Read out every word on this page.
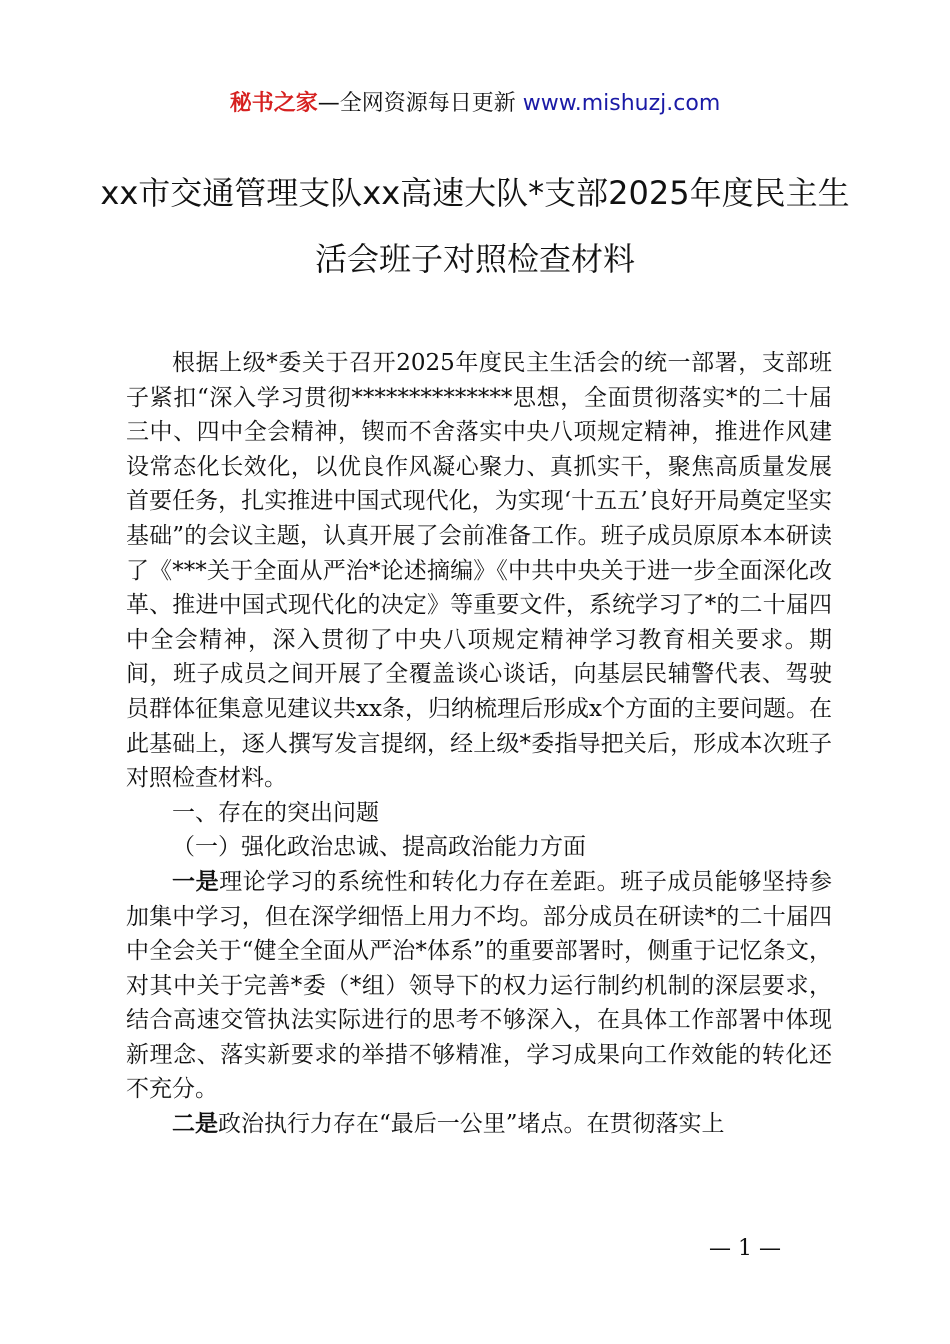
秘书之家—全网资源每日更新 www.mishuzj.com
xx市交通管理支队xx高速大队*支部2025年度民主生活会班子对照检查材料

根据上级*委关于召开2025年度民主生活会的统一部署，支部班子紧扣“深入学习贯彻**************思想，全面贯彻落实*的二十届三中、四中全会精神，锲而不舍落实中央八项规定精神，推进作风建设常态化长效化，以优良作风凝心聚力、真抓实干，聚焦高质量发展首要任务，扎实推进中国式现代化，为实现‘十五五’良好开局奠定坚实基础”的会议主题，认真开展了会前准备工作。班子成员原原本本研读了《***关于全面从严治*论述摘编》《中共中央关于进一步全面深化改革、推进中国式现代化的决定》等重要文件，系统学习了*的二十届四中全会精神，深入贯彻了中央八项规定精神学习教育相关要求。期间，班子成员之间开展了全覆盖谈心谈话，向基层民辅警代表、驾驶员群体征集意见建议共xx条，归纳梳理后形成x个方面的主要问题。在此基础上，逐人撰写发言提纲，经上级*委指导把关后，形成本次班子对照检查材料。

一、存在的突出问题

（一）强化政治忠诚、提高政治能力方面

一是理论学习的系统性和转化力存在差距。班子成员能够坚持参加集中学习，但在深学细悟上用力不均。部分成员在研读*的二十届四中全会关于“健全全面从严治*体系”的重要部署时，侧重于记忆条文，对其中关于完善*委（*组）领导下的权力运行制约机制的深层要求，结合高速交管执法实际进行的思考不够深入，在具体工作部署中体现新理念、落实新要求的举措不够精准，学习成果向工作效能的转化还不充分。

二是政治执行力存在“最后一公里”堵点。在贯彻落实上

— 1 —
